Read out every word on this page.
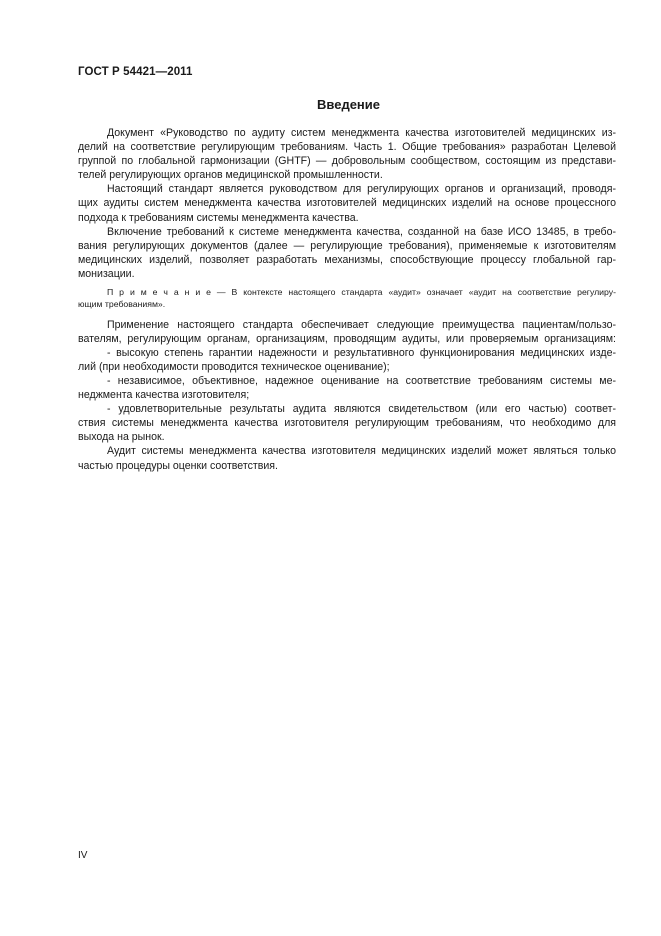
ГОСТ Р 54421—2011
Введение
Документ «Руководство по аудиту систем менеджмента качества изготовителей медицинских из-
делий на соответствие регулирующим требованиям. Часть 1. Общие требования» разработан Целевой
группой по глобальной гармонизации (GHTF) — добровольным сообществом, состоящим из представи-
телей регулирующих органов медицинской промышленности.
Настоящий стандарт является руководством для регулирующих органов и организаций, проводя-
щих аудиты систем менеджмента качества изготовителей медицинских изделий на основе процессного
подхода к требованиям системы менеджмента качества.
Включение требований к системе менеджмента качества, созданной на базе ИСО 13485, в требо-
вания регулирующих документов (далее — регулирующие требования), применяемые к изготовителям
медицинских изделий, позволяет разработать механизмы, способствующие процессу глобальной гар-
монизации.
П р и м е ч а н и е — В контексте настоящего стандарта «аудит» означает «аудит на соответствие регулиру-
ющим требованиям».
Применение настоящего стандарта обеспечивает следующие преимущества пациентам/пользо-
вателям, регулирующим органам, организациям, проводящим аудиты, или проверяемым организациям:
- высокую степень гарантии надежности и результативного функционирования медицинских изде-
лий (при необходимости проводится техническое оценивание);
- независимое, объективное, надежное оценивание на соответствие требованиям системы ме-
неджмента качества изготовителя;
- удовлетворительные результаты аудита являются свидетельством (или его частью) соответ-
ствия системы менеджмента качества изготовителя регулирующим требованиям, что необходимо для
выхода на рынок.
Аудит системы менеджмента качества изготовителя медицинских изделий может являться только
частью процедуры оценки соответствия.
IV
